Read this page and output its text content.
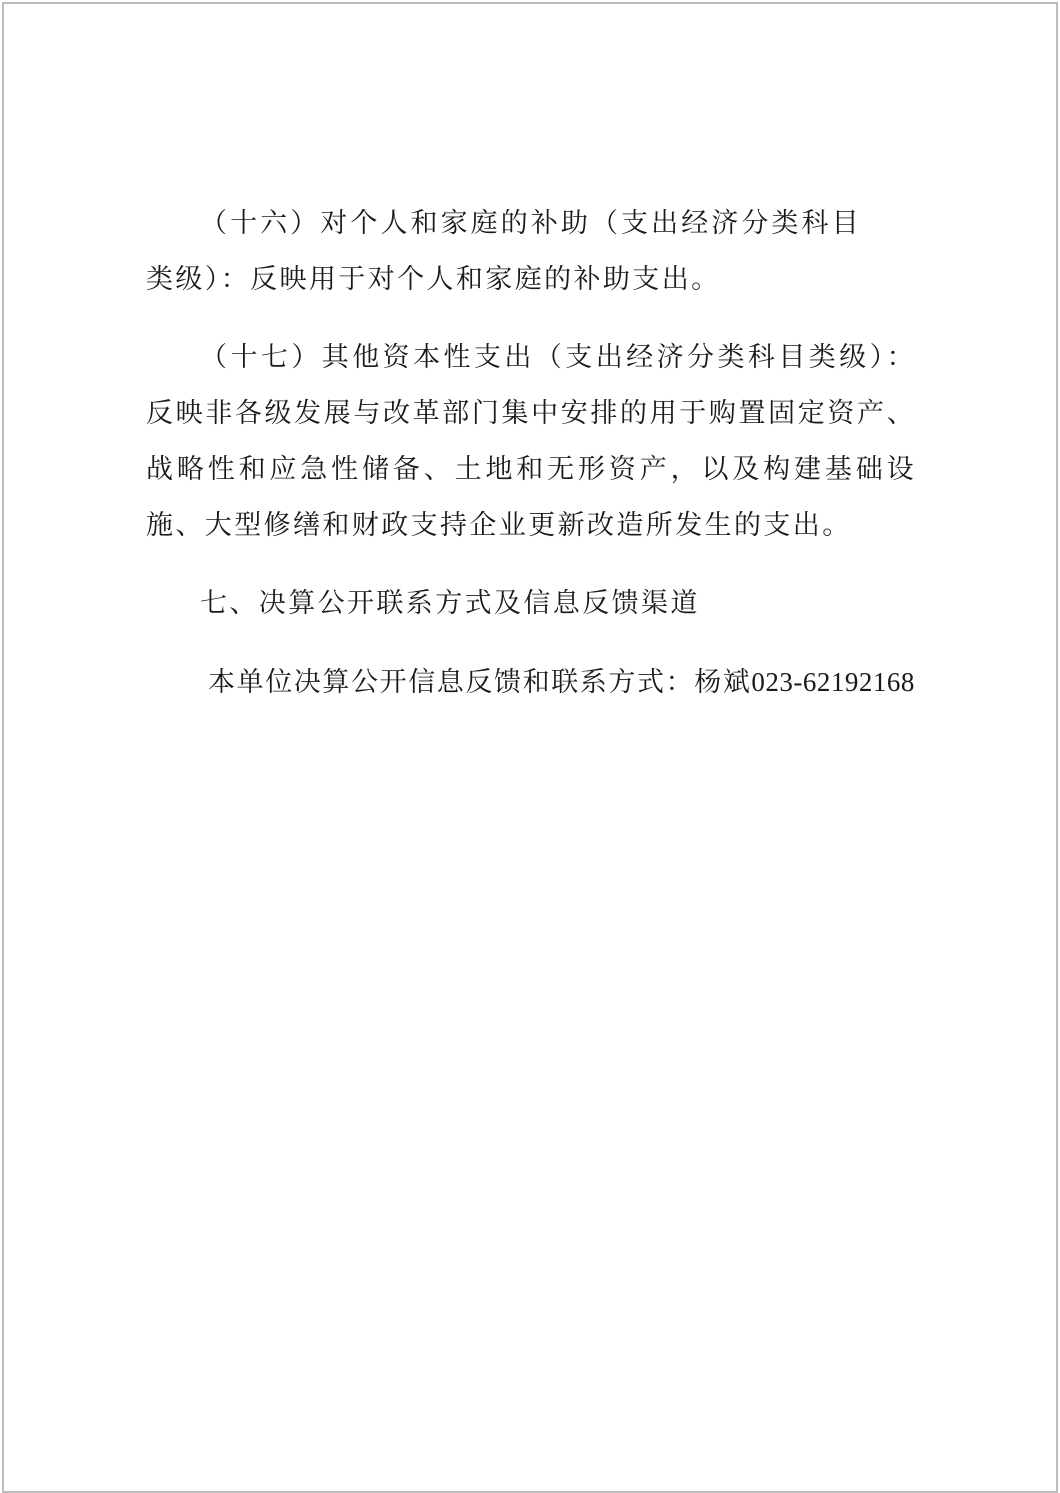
（十六）对个人和家庭的补助（支出经济分类科目类级）：反映用于对个人和家庭的补助支出。

（十七）其他资本性支出（支出经济分类科目类级）：反映非各级发展与改革部门集中安排的用于购置固定资产、战略性和应急性储备、土地和无形资产，以及构建基础设施、大型修缮和财政支持企业更新改造所发生的支出。

七、决算公开联系方式及信息反馈渠道

本单位决算公开信息反馈和联系方式：杨斌023-62192168
